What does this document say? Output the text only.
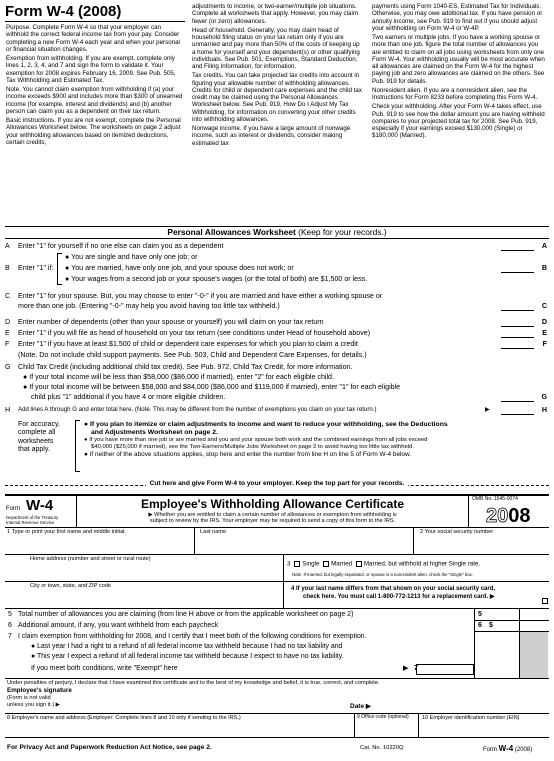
Form W-4 (2008)
Purpose. Complete Form W-4 so that your employer can withhold the correct federal income tax from your pay. Consider completing a new Form W-4 each year and when your personal or financial situation changes.
Exemption from withholding. If you are exempt, complete only lines 1, 2, 3, 4, and 7 and sign the form to validate it. Your exemption for 2008 expires February 16, 2009. See Pub. 505, Tax Withholding and Estimated Tax.
Note. You cannot claim exemption from withholding if (a) your income exceeds $900 and includes more than $300 of unearned income (for example, interest and dividends) and (b) another person can claim you as a dependent on their tax return.
Basic instructions. If you are not exempt, complete the Personal Allowances Worksheet below. The worksheets on page 2 adjust your withholding allowances based on itemized deductions, certain credits,
adjustments to income, or two-earner/multiple job situations. Complete all worksheets that apply. However, you may claim fewer (or zero) allowances.
Head of household. Generally, you may claim head of household filing status on your tax return only if you are unmarried and pay more than 50% of the costs of keeping up a home for yourself and your dependent(s) or other qualifying individuals. See Pub. 501, Exemptions, Standard Deduction, and Filing Information, for information.
Tax credits. You can take projected tax credits into account in figuring your allowable number of withholding allowances. Credits for child or dependent care expenses and the child tax credit may be claimed using the Personal Allowances Worksheet below. See Pub. 919, How Do I Adjust My Tax Withholding, for information on converting your other credits into withholding allowances.
Nonwage income. If you have a large amount of nonwage income, such as interest or dividends, consider making estimated tax
payments using Form 1040-ES, Estimated Tax for Individuals. Otherwise, you may owe additional tax. If you have pension or annuity income, see Pub. 919 to find out if you should adjust your withholding on Form W-4 or W-4P.
Two earners or multiple jobs. If you have a working spouse or more than one job, figure the total number of allowances you are entitled to claim on all jobs using worksheets from only one Form W-4. Your withholding usually will be most accurate when all allowances are claimed on the Form W-4 for the highest paying job and zero allowances are claimed on the others. See Pub. 919 for details.
Nonresident alien. If you are a nonresident alien, see the Instructions for Form 8233 before completing this Form W-4.
Check your withholding. After your Form W-4 takes effect, use Pub. 919 to see how the dollar amount you are having withheld compares to your projected total tax for 2008. See Pub. 919, especially if your earnings exceed $130,000 (Single) or $180,000 (Married).
Personal Allowances Worksheet (Keep for your records.)
A Enter "1" for yourself if no one else can claim you as a dependent	A
B Enter "1" if:
● You are single and have only one job; or
● You are married, have only one job, and your spouse does not work; or
● Your wages from a second job or your spouse's wages (or the total of both) are $1,500 or less.
B
C Enter "1" for your spouse. But, you may choose to enter "-0-" if you are married and have either a working spouse or
more than one job. (Entering "-0-" may help you avoid having too little tax withheld.)	C
D Enter number of dependents (other than your spouse or yourself) you will claim on your tax return	D
E Enter "1" if you will file as head of household on your tax return (see conditions under Head of household above)	E
F Enter "1" if you have at least $1,500 of child or dependent care expenses for which you plan to claim a credit	F
(Note. Do not include child support payments. See Pub. 503, Child and Dependent Care Expenses, for details.)
G Child Tax Credit (including additional child tax credit). See Pub. 972, Child Tax Credit, for more information.
● If your total income will be less than $58,000 ($86,000 if married), enter "2" for each eligible child.
● If your total income will be between $58,000 and $84,000 ($86,000 and $119,000 if married), enter "1" for each eligible
child plus "1" additional if you have 4 or more eligible children.	G
H Add lines A through G and enter total here. (Note. This may be different from the number of exemptions you claim on your tax return.)	▶	H
For accuracy,
complete all
worksheets
that apply.
● If you plan to itemize or claim adjustments to income and want to reduce your withholding, see the Deductions
and Adjustments Worksheet on page 2.
● If you have more than one job or are married and you and your spouse both work and the combined earnings from all jobs exceed
$40,000 ($25,000 if married), see the Two-Earners/Multiple Jobs Worksheet on page 2 to avoid having too little tax withheld.
● If neither of the above situations applies, stop here and enter the number from line H on line 5 of Form W-4 below.
Cut here and give Form W-4 to your employer. Keep the top part for your records.
Form W-4
Department of the Treasury
Internal Revenue Service
Employee's Withholding Allowance Certificate
▶ Whether you are entitled to claim a certain number of allowances or exemption from withholding is
subject to review by the IRS. Your employer may be required to send a copy of this form to the IRS.
OMB No. 1545-0074
2008
1 Type or print your first name and middle initial.	Last name	2 Your social security number
Home address (number and street or rural route)
3 Single Married Married, but withhold at higher Single rate.
Note. If married, but legally separated, or spouse is a nonresident alien, check the "Single" box.
City or town, state, and ZIP code	4 If your last name differs from that shown on your social security card,
check here. You must call 1-800-772-1213 for a replacement card. ▶
5 Total number of allowances you are claiming (from line H above or from the applicable worksheet on page 2)	5
6 Additional amount, if any, you want withheld from each paycheck	6 $
7 I claim exemption from withholding for 2008, and I certify that I meet both of the following conditions for exemption.
● Last year I had a right to a refund of all federal income tax withheld because I had no tax liability and
● This year I expect a refund of all federal income tax withheld because I expect to have no tax liability.
If you meet both conditions, write "Exempt" here	▶ 7
Under penalties of perjury, I declare that I have examined this certificate and to the best of my knowledge and belief, it is true, correct, and complete.
Employee's signature
(Form is not valid
unless you sign it.) ▶	Date ▶
8 Employer's name and address (Employer: Complete lines 8 and 10 only if sending to the IRS.)	9 Office code (optional) 10 Employer identification number (EIN)
For Privacy Act and Paperwork Reduction Act Notice, see page 2.	Cat. No. 10220Q	Form W-4 (2008)
